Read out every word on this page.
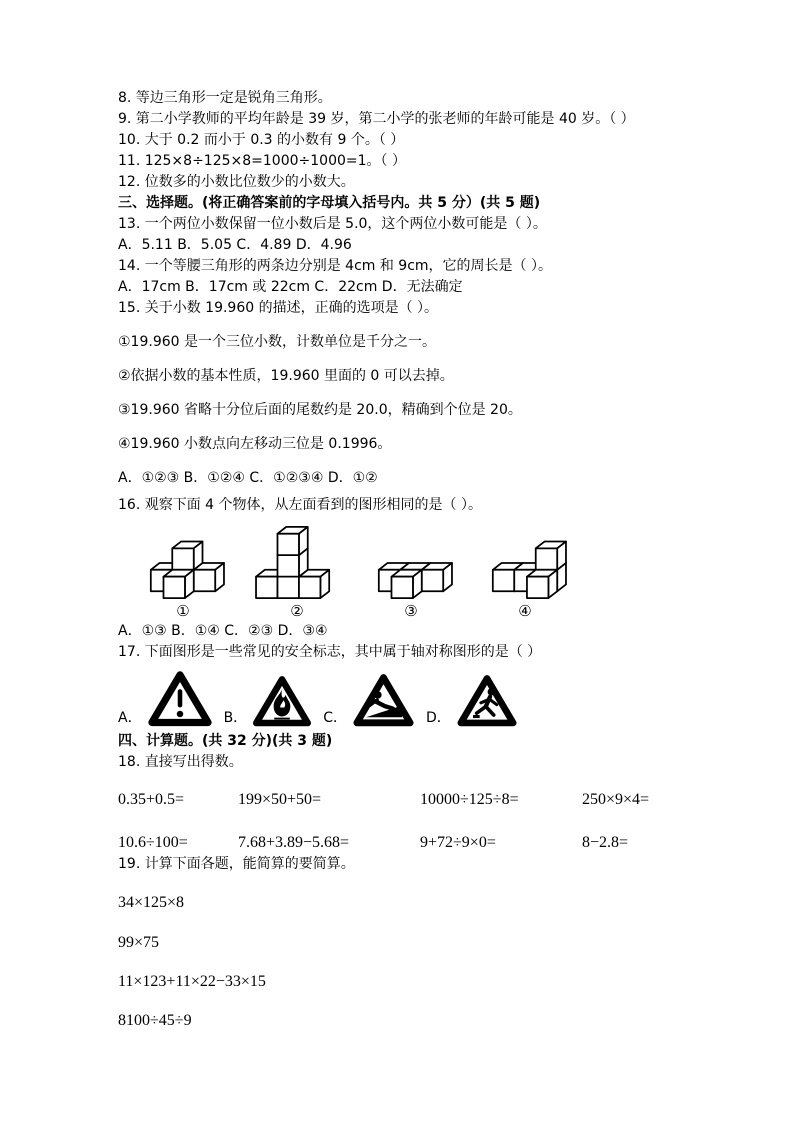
8. 等边三角形一定是锐角三角形。
9. 第二小学教师的平均年龄是 39 岁，第二小学的张老师的年龄可能是 40 岁。（ ）
10. 大于 0.2 而小于 0.3 的小数有 9 个。（ ）
11. 125×8÷125×8=1000÷1000=1。（ ）
12. 位数多的小数比位数少的小数大。
三、选择题。(将正确答案前的字母填入括号内。共 5 分）(共 5 题)
13. 一个两位小数保留一位小数后是 5.0，这个两位小数可能是（ ）。
A．5.11 B．5.05 C．4.89 D．4.96
14. 一个等腰三角形的两条边分别是 4cm 和 9cm，它的周长是（ ）。
A．17cm B．17cm 或 22cm C．22cm D．无法确定
15. 关于小数 19.960 的描述，正确的选项是（ ）。
①19.960 是一个三位小数，计数单位是千分之一。
②依据小数的基本性质，19.960 里面的 0 可以去掉。
③19.960 省略十分位后面的尾数约是 20.0，精确到个位是 20。
④19.960 小数点向左移动三位是 0.1996。
A．①②③ B．①②④ C．①②③④ D．①②
16. 观察下面 4 个物体，从左面看到的图形相同的是（ ）。
①	②	③	④
A．①③ B．①④ C．②③ D．③④
17. 下面图形是一些常见的安全标志，其中属于轴对称图形的是（ ）
A．	B．	C．	D．
四、计算题。(共 32 分)(共 3 题)
18. 直接写出得数。
0.35+0.5=	199×50+50=	10000÷125÷8=	250×9×4=
10.6÷100=	7.68+3.89−5.68=	9+72÷9×0=	8−2.8=
19. 计算下面各题，能简算的要简算。
34×125×8
99×75
11×123+11×22−33×15
8100÷45÷9
